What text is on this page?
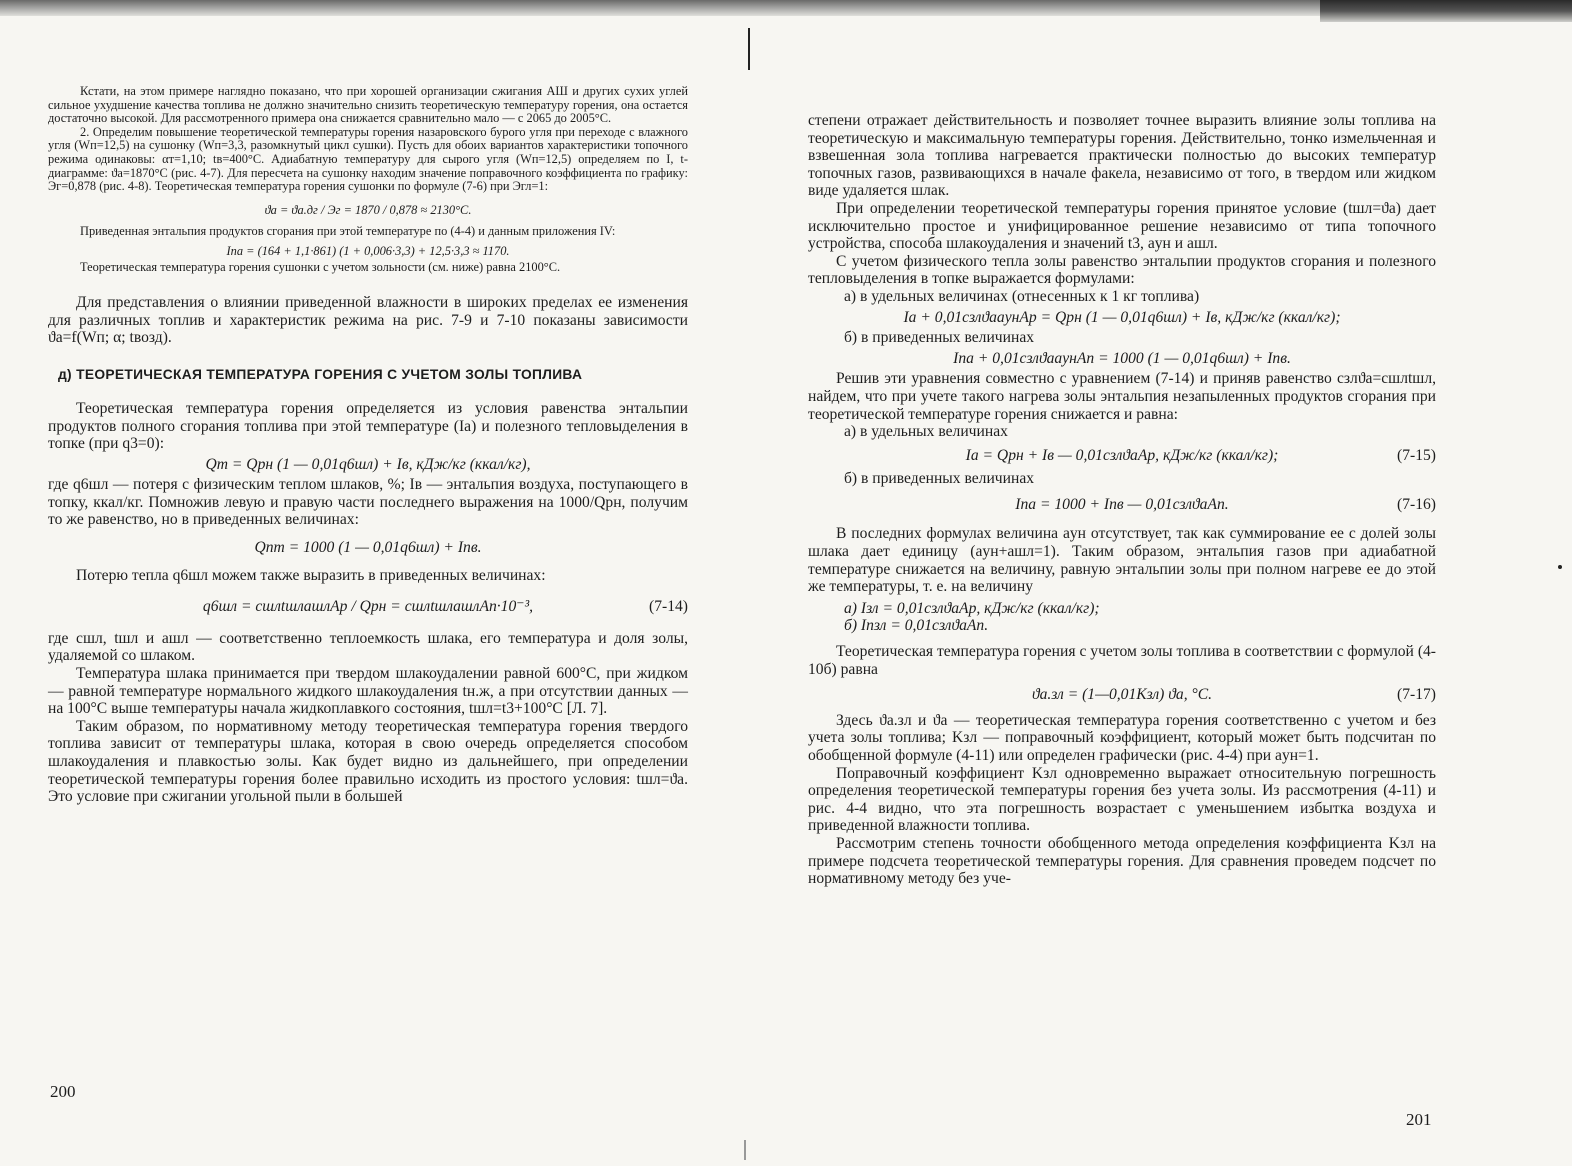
Кстати, на этом примере наглядно показано, что при хорошей организации сжигания АШ и других сухих углей сильное ухудшение качества топлива не должно значительно снизить теоретическую температуру горения, она остается достаточно высокой. Для рассмотренного примера она снижается сравнительно мало — с 2065 до 2005°С.

2. Определим повышение теоретической температуры горения назаровского бурого угля при переходе с влажного угля (Wп=12,5) на сушонку (Wп=3,3, разомкнутый цикл сушки). Пусть для обоих вариантов характеристики топочного режима одинаковы: αт=1,10; tв=400°С. Адиабатную температуру для сырого угля (Wп=12,5) определяем по I, t-диаграмме: ϑа=1870°С (рис. 4-7). Для пересчета на сушонку находим значение поправочного коэффициента по графику: Эг=0,878 (рис. 4-8). Теоретическая температура горения сушонки по формуле (7-6) при Эгл=1:

ϑа = ϑа.дг / Эг = 1870 / 0,878 ≈ 2130°С.

Приведенная энтальпия продуктов сгорания при этой температуре по (4-4) и данным приложения IV:

Iпа = (164 + 1,1·861) (1 + 0,006·3,3) + 12,5·3,3 ≈ 1170.

Теоретическая температура горения сушонки с учетом зольности (см. ниже) равна 2100°С.

Для представления о влиянии приведенной влажности в широких пределах ее изменения для различных топлив и характеристик режима на рис. 7-9 и 7-10 показаны зависимости ϑа=f(Wп; α; tвозд).

д) ТЕОРЕТИЧЕСКАЯ ТЕМПЕРАТУРА ГОРЕНИЯ С УЧЕТОМ ЗОЛЫ ТОПЛИВА

Теоретическая температура горения определяется из условия равенства энтальпии продуктов полного сгорания топлива при этой температуре (Iа) и полезного тепловыделения в топке (при q3=0):

Qт = Qрн (1 — 0,01q6шл) + Iв, кДж/кг (ккал/кг),

где q6шл — потеря с физическим теплом шлаков, %; Iв — энтальпия воздуха, поступающего в топку, ккал/кг. Помножив левую и правую части последнего выражения на 1000/Qрн, получим то же равенство, но в приведенных величинах:

Qпт = 1000 (1 — 0,01q6шл) + Iпв.

Потерю тепла q6шл можем также выразить в приведенных величинах:

q6шл = cшлtшлaшлAр / Qрн = cшлtшлaшлAп·10⁻³,	(7-14)

где cшл, tшл и aшл — соответственно теплоемкость шлака, его температура и доля золы, удаляемой со шлаком.

Температура шлака принимается при твердом шлакоудалении равной 600°С, при жидком — равной температуре нормального жидкого шлакоудаления tн.ж, а при отсутствии данных — на 100°С выше температуры начала жидкоплавкого состояния, tшл=t3+100°С [Л. 7].

Таким образом, по нормативному методу теоретическая температура горения твердого топлива зависит от температуры шлака, которая в свою очередь определяется способом шлакоудаления и плавкостью золы. Как будет видно из дальнейшего, при определении теоретической температуры горения более правильно исходить из простого условия: tшл=ϑа. Это условие при сжигании угольной пыли в большей

200

степени отражает действительность и позволяет точнее выразить влияние золы топлива на теоретическую и максимальную температуры горения. Действительно, тонко измельченная и взвешенная зола топлива нагревается практически полностью до высоких температур топочных газов, развивающихся в начале факела, независимо от того, в твердом или жидком виде удаляется шлак.

При определении теоретической температуры горения принятое условие (tшл=ϑа) дает исключительно простое и унифицированное решение независимо от типа топочного устройства, способа шлакоудаления и значений t3, aун и aшл.

С учетом физического тепла золы равенство энтальпии продуктов сгорания и полезного тепловыделения в топке выражается формулами:

а) в удельных величинах (отнесенных к 1 кг топлива)

Iа + 0,01cзлϑаaунAр = Qрн (1 — 0,01q6шл) + Iв, кДж/кг (ккал/кг);

б) в приведенных величинах

Iпа + 0,01cзлϑаaунAп = 1000 (1 — 0,01q6шл) + Iпв.

Решив эти уравнения совместно с уравнением (7-14) и приняв равенство cзлϑа=cшлtшл, найдем, что при учете такого нагрева золы энтальпия незапыленных продуктов сгорания при теоретической температуре горения снижается и равна:

а) в удельных величинах

Iа = Qрн + Iв — 0,01cзлϑаAр, кДж/кг (ккал/кг);	(7-15)

б) в приведенных величинах

Iпа = 1000 + Iпв — 0,01cзлϑаAп.	(7-16)

В последних формулах величина aун отсутствует, так как суммирование ее с долей золы шлака дает единицу (aун+aшл=1). Таким образом, энтальпия газов при адиабатной температуре снижается на величину, равную энтальпии золы при полном нагреве ее до этой же температуры, т. е. на величину

а) Iзл = 0,01cзлϑаAр, кДж/кг (ккал/кг);
б) Iпзл = 0,01cзлϑаAп.

Теоретическая температура горения с учетом золы топлива в соответствии с формулой (4-10б) равна

ϑа.зл = (1—0,01Kзл) ϑа, °С.	(7-17)

Здесь ϑа.зл и ϑа — теоретическая температура горения соответственно с учетом и без учета золы топлива; Kзл — поправочный коэффициент, который может быть подсчитан по обобщенной формуле (4-11) или определен графически (рис. 4-4) при aун=1.

Поправочный коэффициент Kзл одновременно выражает относительную погрешность определения теоретической температуры горения без учета золы. Из рассмотрения (4-11) и рис. 4-4 видно, что эта погрешность возрастает с уменьшением избытка воздуха и приведенной влажности топлива.

Рассмотрим степень точности обобщенного метода определения коэффициента Kзл на примере подсчета теоретической температуры горения. Для сравнения проведем подсчет по нормативному методу без уче-

201
